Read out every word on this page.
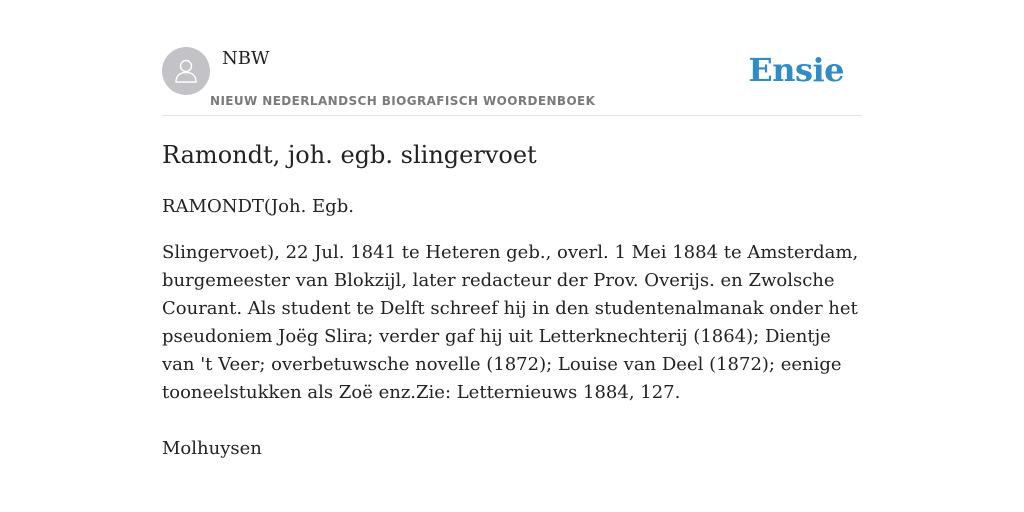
NBW
NIEUW NEDERLANDSCH BIOGRAFISCH WOORDENBOEK
Ensie
Ramondt, joh. egb. slingervoet

RAMONDT(Joh. Egb.

Slingervoet), 22 Jul. 1841 te Heteren geb., overl. 1 Mei 1884 te Amsterdam, burgemeester van Blokzijl, later redacteur der Prov. Overijs. en Zwolsche Courant. Als student te Delft schreef hij in den studentenalmanak onder het pseudoniem Joëg Slira; verder gaf hij uit Letterknechterij (1864); Dientje van 't Veer; overbetuwsche novelle (1872); Louise van Deel (1872); eenige tooneelstukken als Zoë enz.Zie: Letternieuws 1884, 127.

Molhuysen
